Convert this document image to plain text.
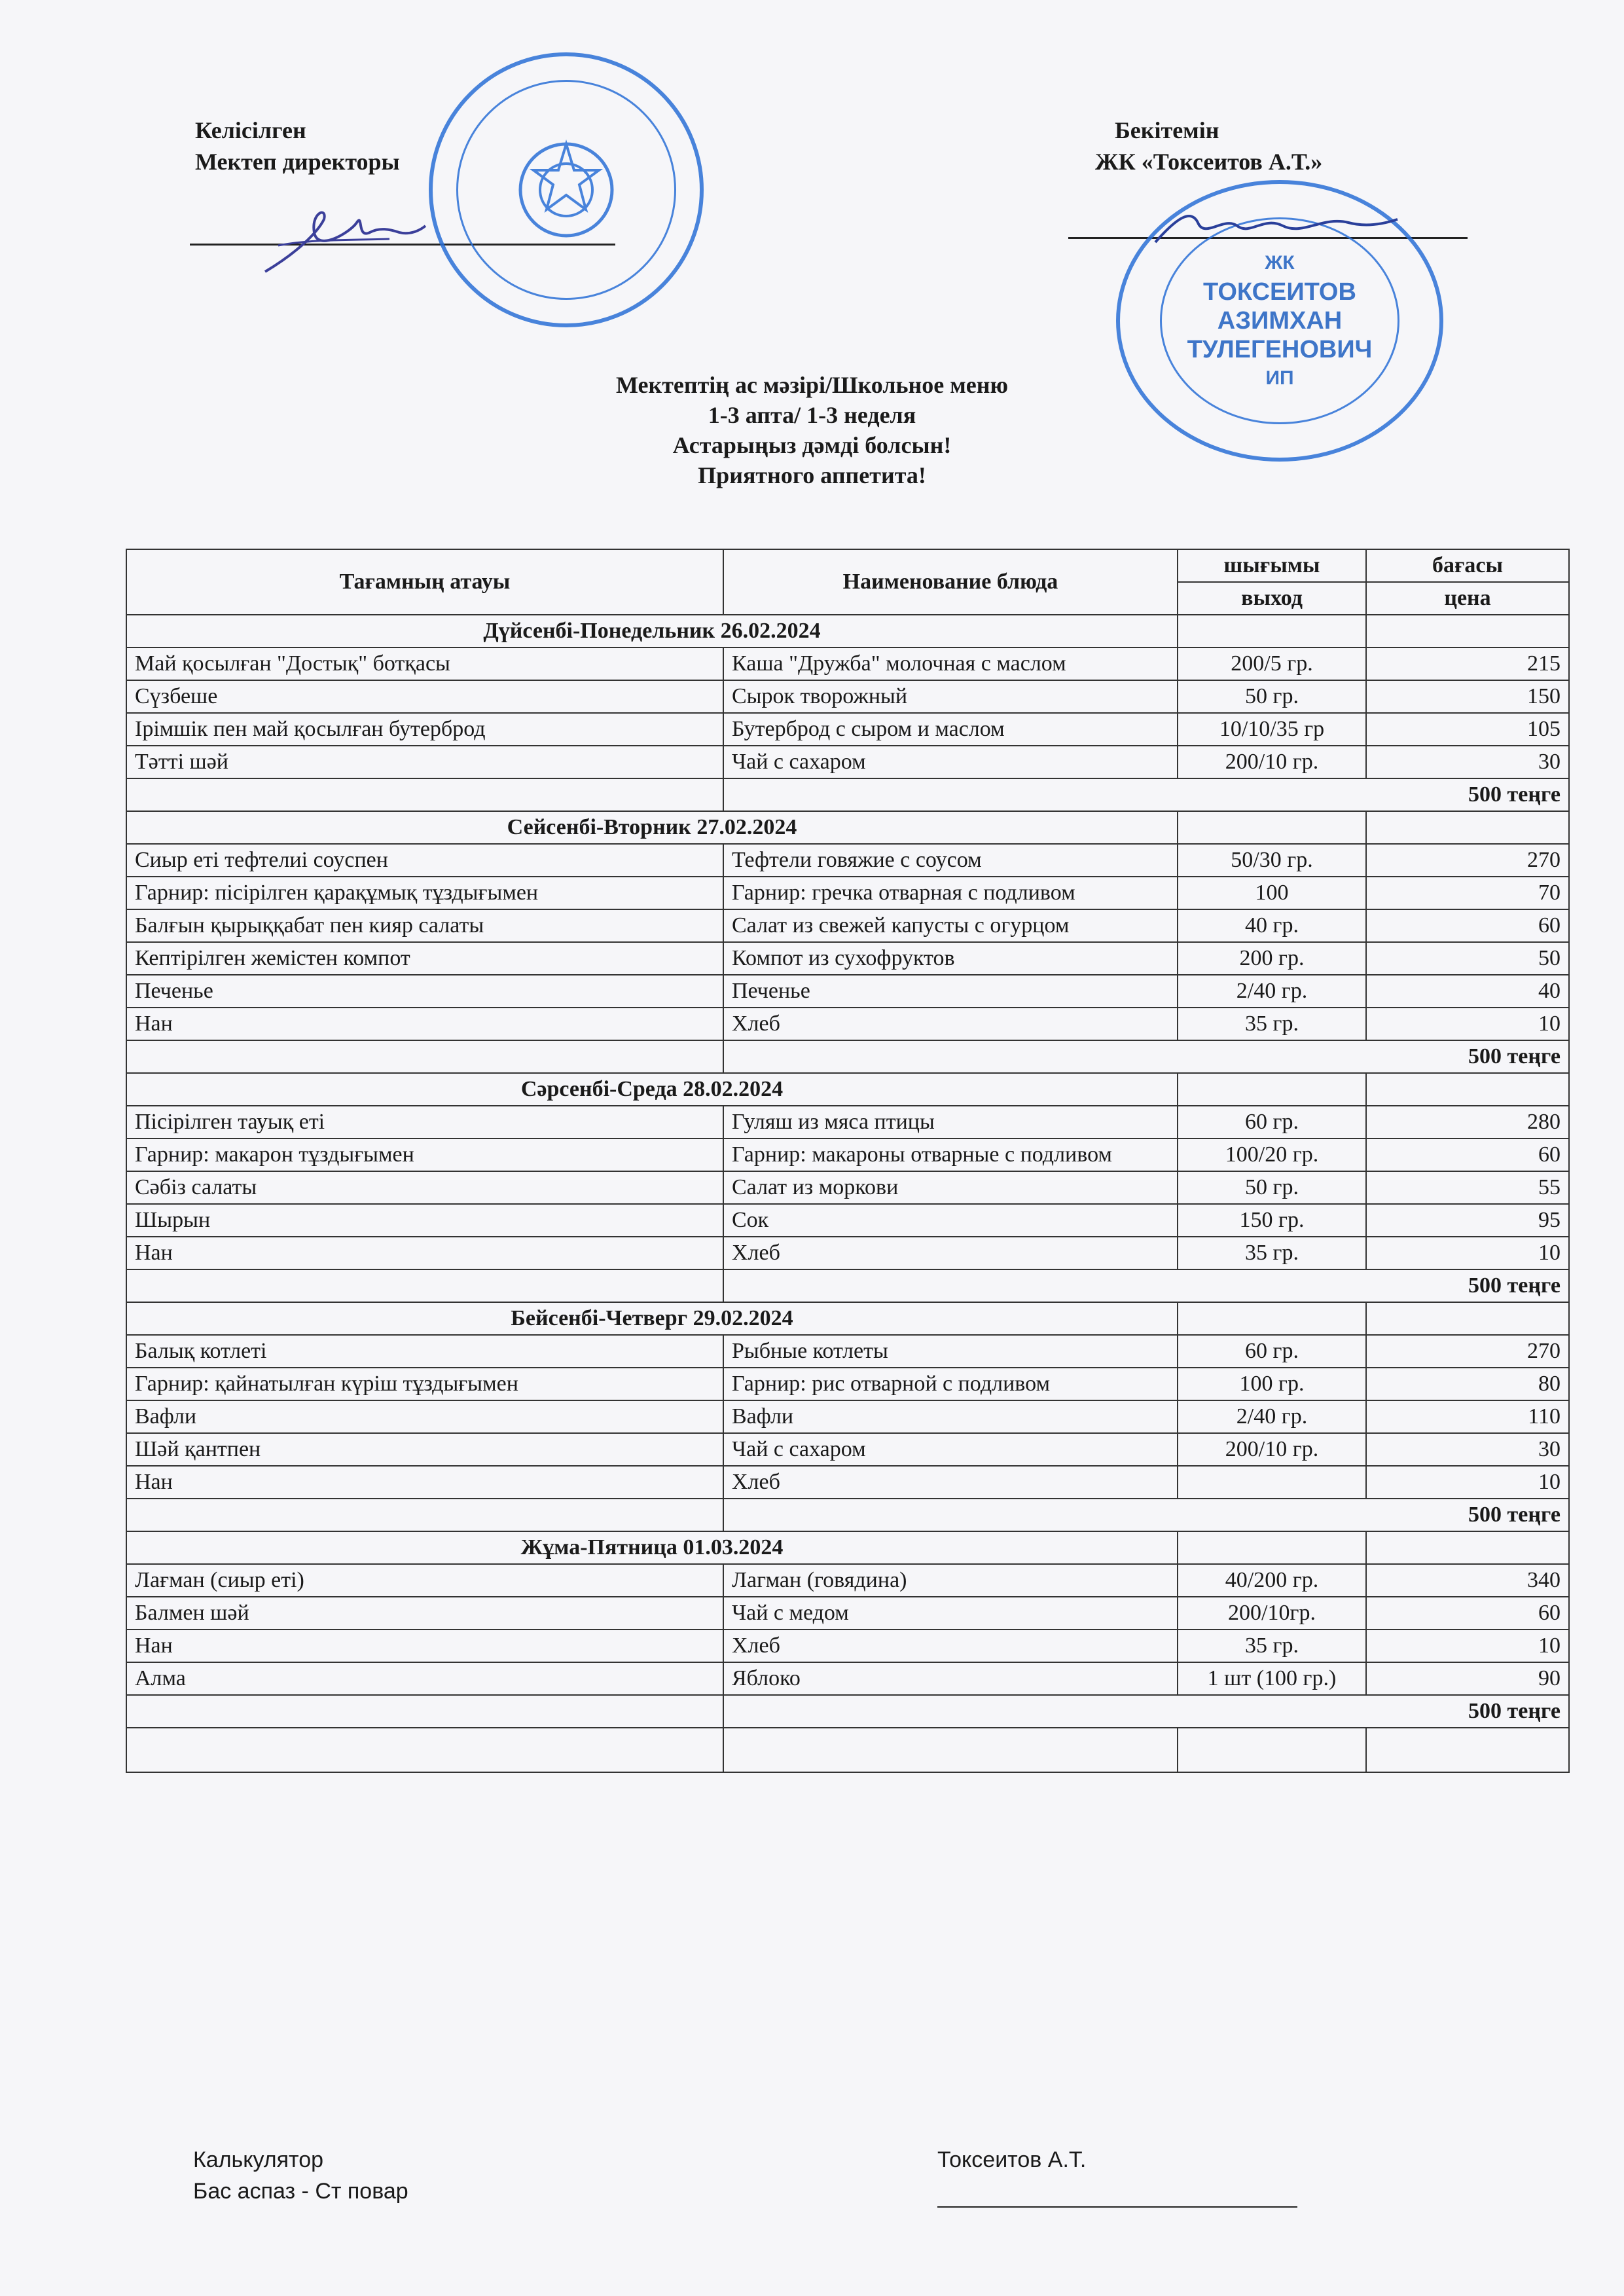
Келісілген
Мектеп директоры
Бекітемін
ЖК «Токсеитов А.Т.»
ЖК
ТОКСЕИТОВ
АЗИМХАН
ТУЛЕГЕНОВИЧ
ИП
Мектептің ас мәзірі/Школьное меню
1-3 апта/ 1-3 неделя
Астарыңыз дәмді болсын!
Приятного аппетита!
Тағамның атауы	Наименование блюда	шығымы	бағасы
		выход	цена
Дүйсенбі-Понедельник 26.02.2024			
Май қосылған "Достық" ботқасы	Каша "Дружба" молочная с маслом	200/5 гр.	215
Сүзбеше	Сырок творожный	50 гр.	150
Ірімшік пен май қосылған бутерброд	Бутерброд с сыром и маслом	10/10/35 гр	105
Тәтті шәй	Чай с сахаром	200/10 гр.	30
	500 теңге		
Сейсенбі-Вторник 27.02.2024			
Сиыр еті тефтелиі соуспен	Тефтели говяжие с соусом	50/30 гр.	270
Гарнир: пісірілген қарақұмық тұздығымен	Гарнир: гречка отварная с подливом	100	70
Балғын қырыққабат пен кияр салаты	Салат из свежей капусты с огурцом	40 гр.	60
Кептірілген жемістен компот	Компот из сухофруктов	200 гр.	50
Печенье	Печенье	2/40 гр.	40
Нан	Хлеб	35 гр.	10
	500 теңге		
Сәрсенбі-Среда 28.02.2024			
Пісірілген тауық еті	Гуляш из мяса птицы	60 гр.	280
Гарнир: макарон тұздығымен	Гарнир: макароны отварные с подливом	100/20 гр.	60
Сәбіз салаты	Салат из моркови	50 гр.	55
Шырын	Сок	150 гр.	95
Нан	Хлеб	35 гр.	10
	500 теңге		
Бейсенбі-Четверг 29.02.2024			
Балық котлеті	Рыбные котлеты	60 гр.	270
Гарнир: қайнатылған күріш тұздығымен	Гарнир: рис отварной с подливом	100 гр.	80
Вафли	Вафли	2/40 гр.	110
Шәй қантпен	Чай с сахаром	200/10 гр.	30
Нан	Хлеб		10
	500 теңге		
Жұма-Пятница 01.03.2024			
Лағман (сиыр еті)	Лагман (говядина)	40/200 гр.	340
Балмен шәй	Чай с медом	200/10гр.	60
Нан	Хлеб	35 гр.	10
Алма	Яблоко	1 шт (100 гр.)	90
	500 теңге		

Калькулятор
Бас аспаз - Ст повар
Токсеитов А.Т.
